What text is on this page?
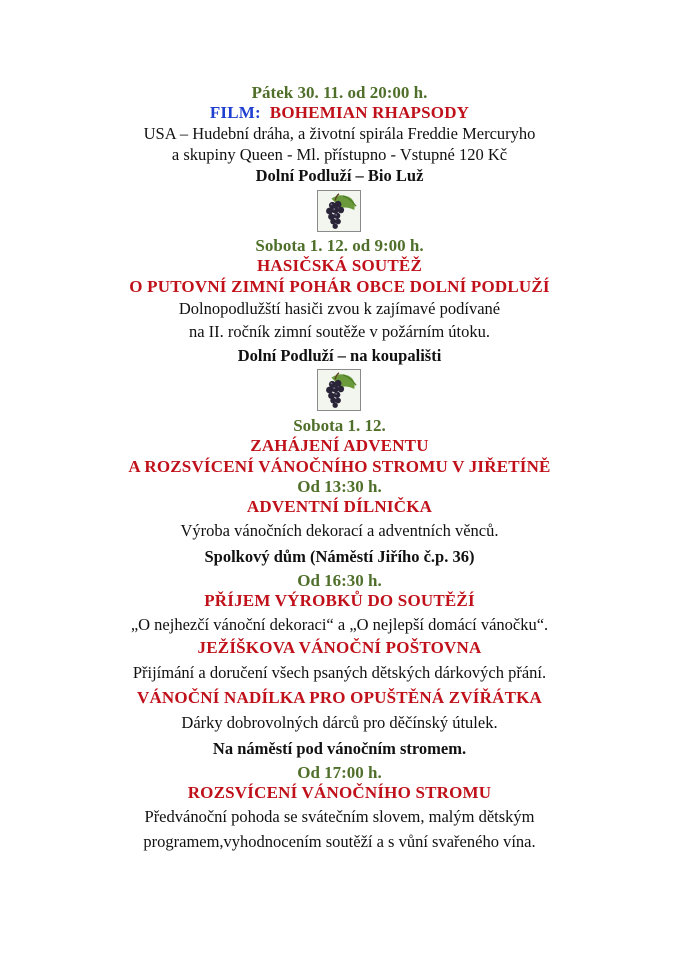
Pátek 30. 11. od 20:00 h.
FILM: BOHEMIAN RHAPSODY
USA – Hudební dráha, a životní spirála Freddie Mercuryho
a skupiny Queen - Ml. přístupno - Vstupné 120 Kč
Dolní Podluží – Bio Luž
Sobota 1. 12. od 9:00 h.
HASIČSKÁ SOUTĚŽ
O PUTOVNÍ ZIMNÍ POHÁR OBCE DOLNÍ PODLUŽÍ
Dolnopodlužští hasiči zvou k zajímavé podívané
na II. ročník zimní soutěže v požárním útoku.
Dolní Podluží – na koupališti
Sobota 1. 12.
ZAHÁJENÍ ADVENTU
A ROZSVÍCENÍ VÁNOČNÍHO STROMU V JIŘETÍNĚ
Od 13:30 h.
ADVENTNÍ DÍLNIČKA
Výroba vánočních dekorací a adventních věnců.
Spolkový dům (Náměstí Jiřího č.p. 36)
Od 16:30 h.
PŘÍJEM VÝROBKŮ DO SOUTĚŽÍ
„O nejhezčí vánoční dekoraci“ a „O nejlepší domácí vánočku“.
JEŽÍŠKOVA VÁNOČNÍ POŠTOVNA
Přijímání a doručení všech psaných dětských dárkových přání.
VÁNOČNÍ NADÍLKA PRO OPUŠTĚNÁ ZVÍŘÁTKA
Dárky dobrovolných dárců pro děčínský útulek.
Na náměstí pod vánočním stromem.
Od 17:00 h.
ROZSVÍCENÍ VÁNOČNÍHO STROMU
Předvánoční pohoda se svátečním slovem, malým dětským
programem,vyhodnocením soutěží a s vůní svařeného vína.
